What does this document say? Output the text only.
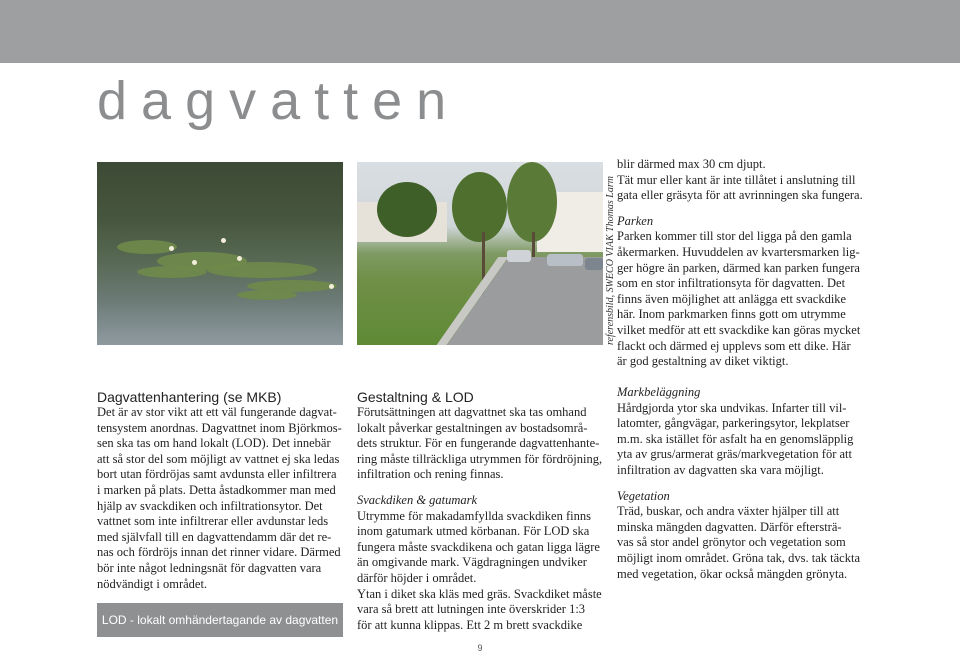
dagvatten
referensbild, SWECO VIAK Thomas Larm

Dagvattenhantering (se MKB)

Det är av stor vikt att ett väl fungerande dagvat-

tensystem anordnas. Dagvattnet inom Björkmos-

sen ska tas om hand lokalt (LOD). Det innebär

att så stor del som möjligt av vattnet ej ska ledas

bort utan fördröjas samt avdunsta eller infiltrera

i marken på plats. Detta åstadkommer man med

hjälp av svackdiken och infiltrationsytor. Det

vattnet som inte infiltrerar eller avdunstar leds

med självfall till en dagvattendamm där det re-

nas och fördröjs innan det rinner vidare. Därmed

bör inte något ledningsnät för dagvatten vara

nödvändigt i området.

LOD - lokalt omhändertagande av dagvatten

Gestaltning & LOD

Förutsättningen att dagvattnet ska tas omhand

lokalt påverkar gestaltningen av bostadsområ-

dets struktur. För en fungerande dagvattenhante-

ring måste tillräckliga utrymmen för fördröjning,

infiltration och rening finnas.

Svackdiken & gatumark

Utrymme för makadamfyllda svackdiken finns

inom gatumark utmed körbanan. För LOD ska

fungera måste svackdikena och gatan ligga lägre

än omgivande mark. Vägdragningen undviker

därför höjder i området.

Ytan i diket ska kläs med gräs. Svackdiket måste

vara så brett att lutningen inte överskrider 1:3

för att kunna klippas. Ett 2 m brett svackdike

blir därmed max 30 cm djupt.

Tät mur eller kant är inte tillåtet i anslutning till

gata eller gräsyta för att avrinningen ska fungera.

Parken

Parken kommer till stor del ligga på den gamla

åkermarken. Huvuddelen av kvartersmarken lig-

ger högre än parken, därmed kan parken fungera

som en stor infiltrationsyta för dagvatten. Det

finns även möjlighet att anlägga ett svackdike

här. Inom parkmarken finns gott om utrymme

vilket medför att ett svackdike kan göras mycket

flackt och därmed ej upplevs som ett dike. Här

är god gestaltning av diket viktigt.

Markbeläggning

Hårdgjorda ytor ska undvikas. Infarter till vil-

latomter, gångvägar, parkeringsytor, lekplatser

m.m. ska istället för asfalt ha en genomsläpplig

yta av grus/armerat gräs/markvegetation för att

infiltration av dagvatten ska vara möjligt.

Vegetation

Träd, buskar, och andra växter hjälper till att

minska mängden dagvatten. Därför eftersträ-

vas så stor andel grönytor och vegetation som

möjligt inom området. Gröna tak, dvs. tak täckta

med vegetation, ökar också mängden grönyta.

9
